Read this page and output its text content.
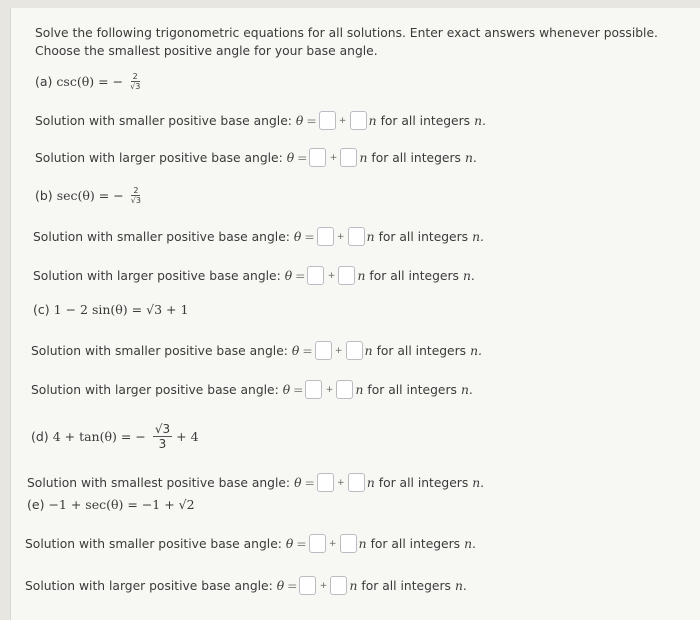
Solve the following trigonometric equations for all solutions. Enter exact answers whenever possible. Choose the smallest positive angle for your base angle.
(a) csc(θ) = − $\frac{2}{√3}$
Solution with smaller positive base angle: θ =	+ n for all integers n.
Solution with larger positive base angle: θ =	+ n for all integers n.
(b) sec(θ) = − $\frac{2}{√3}$
Solution with smaller positive base angle: θ =	+ n for all integers n.
Solution with larger positive base angle: θ =	+ n for all integers n.
(c) 1 − 2 sin(θ) = √3 + 1
Solution with smaller positive base angle: θ =	+ n for all integers n.
Solution with larger positive base angle: θ =	+ n for all integers n.
(d) 4 + tan(θ) = − $\frac{√3}{3} + 4$
Solution with smallest positive base angle: θ =	+ n for all integers n.
(e) −1 + sec(θ) = −1 + √2
Solution with smaller positive base angle: θ =	+ n for all integers n.
Solution with larger positive base angle: θ =	+ n for all integers n.
